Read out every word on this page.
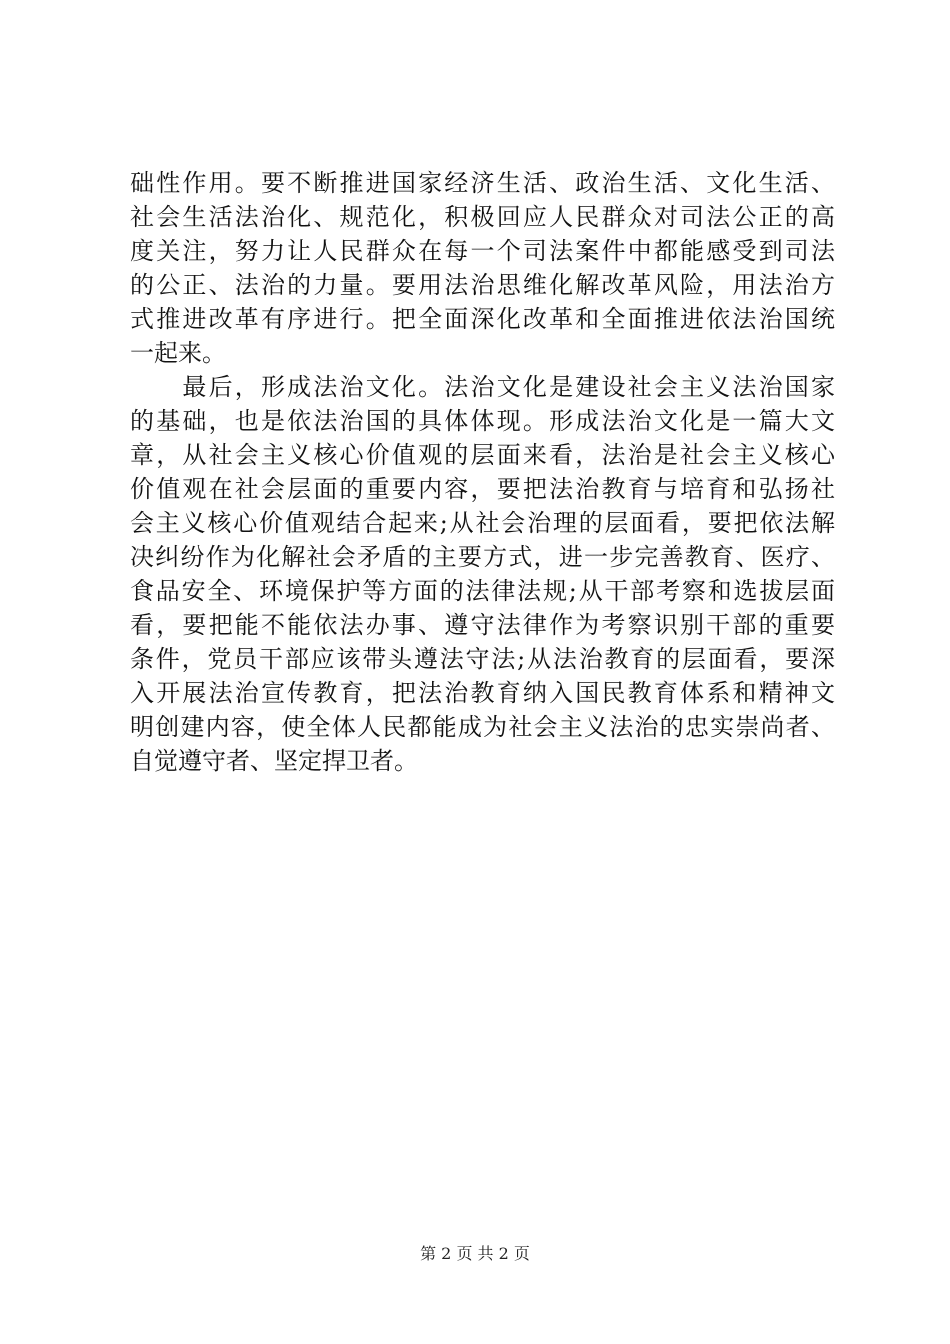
础性作用。要不断推进国家经济生活、政治生活、文化生活、
社会生活法治化、规范化，积极回应人民群众对司法公正的高
度关注，努力让人民群众在每一个司法案件中都能感受到司法
的公正、法治的力量。要用法治思维化解改革风险，用法治方
式推进改革有序进行。把全面深化改革和全面推进依法治国统
一起来。
　　最后，形成法治文化。法治文化是建设社会主义法治国家
的基础，也是依法治国的具体体现。形成法治文化是一篇大文
章，从社会主义核心价值观的层面来看，法治是社会主义核心
价值观在社会层面的重要内容，要把法治教育与培育和弘扬社
会主义核心价值观结合起来;从社会治理的层面看，要把依法解
决纠纷作为化解社会矛盾的主要方式，进一步完善教育、医疗、
食品安全、环境保护等方面的法律法规;从干部考察和选拔层面
看，要把能不能依法办事、遵守法律作为考察识别干部的重要
条件，党员干部应该带头遵法守法;从法治教育的层面看，要深
入开展法治宣传教育，把法治教育纳入国民教育体系和精神文
明创建内容，使全体人民都能成为社会主义法治的忠实崇尚者、
自觉遵守者、坚定捍卫者。
第 2 页 共 2 页
